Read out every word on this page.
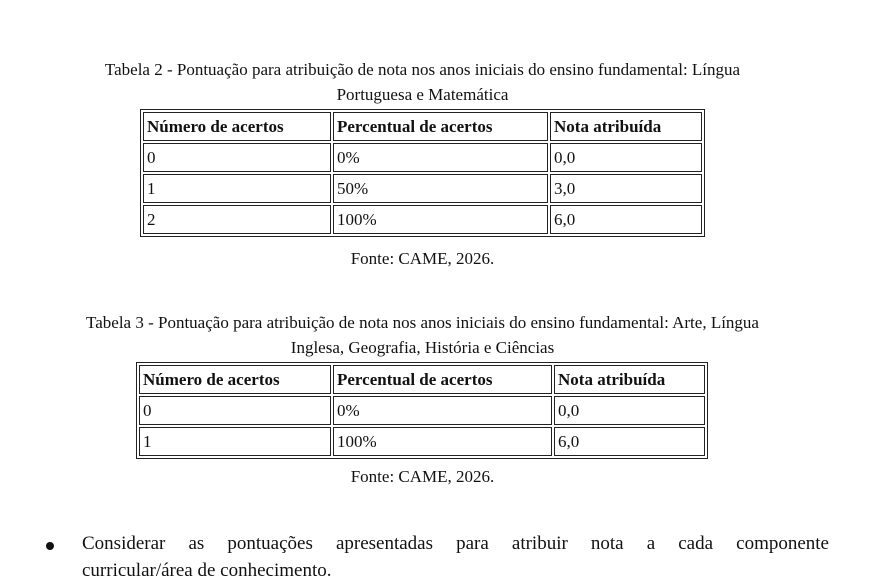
Tabela 2 - Pontuação para atribuição de nota nos anos iniciais do ensino fundamental: Língua
Portuguesa e Matemática
Número de acertos	Percentual de acertos	Nota atribuída
0	0%	0,0
1	50%	3,0
2	100%	6,0
Fonte: CAME, 2026.
Tabela 3 - Pontuação para atribuição de nota nos anos iniciais do ensino fundamental: Arte, Língua
Inglesa, Geografia, História e Ciências
Número de acertos	Percentual de acertos	Nota atribuída
0	0%	0,0
1	100%	6,0
Fonte: CAME, 2026.
Considerar as pontuações apresentadas para atribuir nota a cada componente
curricular/área de conhecimento.
